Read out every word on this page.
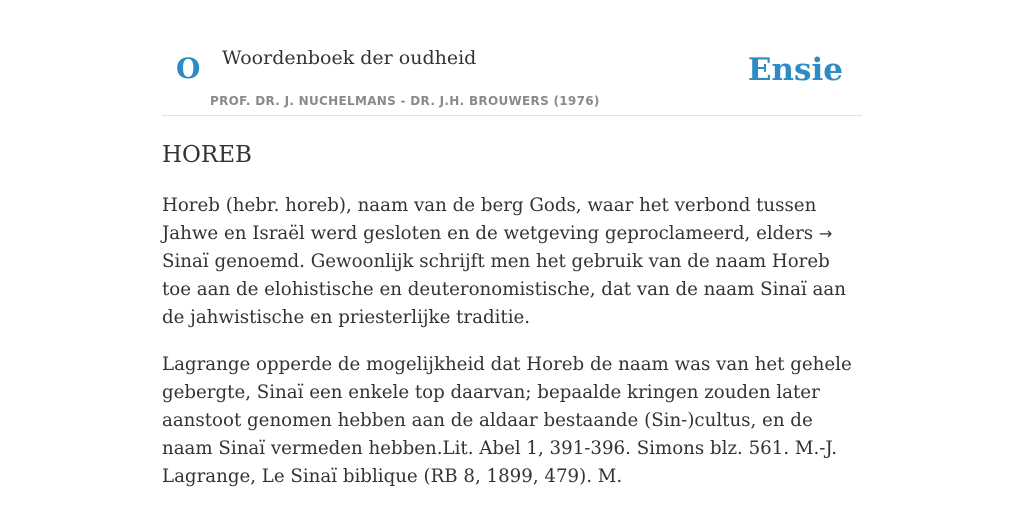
O Woordenboek der oudheid
PROF. DR. J. NUCHELMANS - DR. J.H. BROUWERS (1976)
Ensie
HOREB

Horeb (hebr. horeb), naam van de berg Gods, waar het verbond tussen Jahwe en Israël werd gesloten en de wetgeving geproclameerd, elders → Sinaï genoemd. Gewoonlijk schrijft men het gebruik van de naam Horeb toe aan de elohistische en deuteronomistische, dat van de naam Sinaï aan de jahwistische en priesterlijke traditie.

Lagrange opperde de mogelijkheid dat Horeb de naam was van het gehele gebergte, Sinaï een enkele top daarvan; bepaalde kringen zouden later aanstoot genomen hebben aan de aldaar bestaande (Sin-)cultus, en de naam Sinaï vermeden hebben.Lit. Abel 1, 391-396. Simons blz. 561. M.-J. Lagrange, Le Sinaï biblique (RB 8, 1899, 479). M.
